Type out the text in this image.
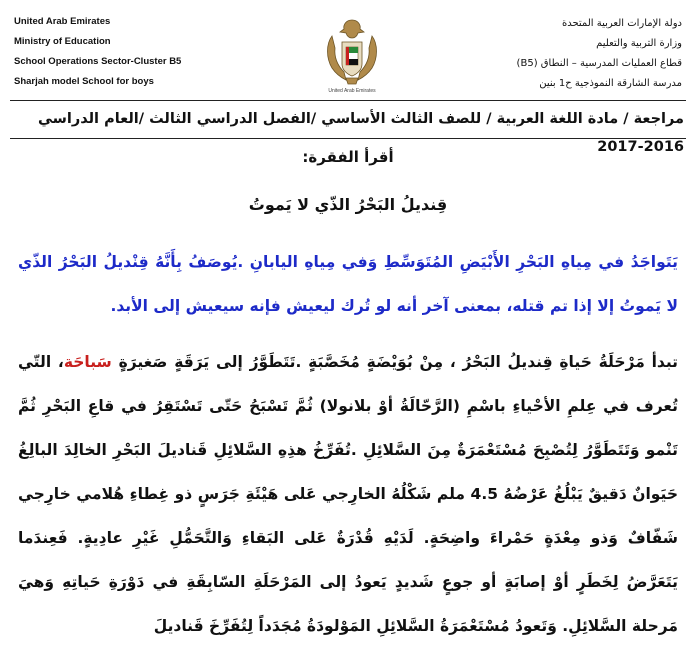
United Arab Emirates
Ministry of Education
School Operations Sector-Cluster B5
Sharjah model School for boys
United Arab Emirates
دولة الإمارات العربية المتحدة
وزارة التربية والتعليم
قطاع العمليات المدرسية – النطاق (B5)
مدرسة الشارقة النموذجية ح1 بنين
مراجعة / مادة اللغة العربية / للصف الثالث الأساسي /الفصل الدراسي الثالث /العام الدراسي 2016-2017
أقرأ الفقرة:
قِنديلُ البَحْرُ الذّي لا يَموتُ
يَتَواجَدُ في مِياهِ البَحْرِ الأَبْيَضِ المُتَوَسِّطِ وَفي مِياهِ اليابانِ .يُوصَفُ بِأَنَّهُ قِنْديلُ البَحْرُ الذّي لا يَموتُ إلا إذا تم قتله، بمعنى آخر أنه لو تُرك ليعيش فإنه سيعيش إلى الأبد.
تبدأ مَرْحَلَةُ حَياةِ قِنديلُ البَحْرُ ، مِنْ بُوَيْضَةٍ مُخَصَّبَةٍ .تَتَطَوَّرُ إلى يَرَقَةٍ صَغيرَةٍ سَباحَة، التّي تُعرف في عِلمِ الأحْياءِ باسْمِ (الرَّحّالَةُ أوْ بلانولا) ثُمَّ تَسْبَحُ حَتّى تَسْتَقِرُ في قاعِ البَحْرِ ثُمَّ تَنْمو وَتَتَطَوَّرُ لِتُصْبِحَ مُسْتَعْمَرَةٌ مِنَ السَّلائِلِ .تُفَرِّخُ هذِهِ السَّلائِلِ قَناديلَ البَحْرِ الخالِدَ البالِغُ حَيَوانٌ دَقيقٌ يَبْلُغُ عَرْضُهُ 4.5 ملم شَكْلُهُ الخارِجي عَلى هَيْئَةِ جَرَسٍ ذو غِطاءِ هُلامي خارِجي شَفّافٌ وَذو مِعْدَةٍ حَمْراءَ واضِحَةٍ. لَدَيْهِ قُدْرَةٌ عَلى البَقاءِ وَالتَّحَمُّلِ غَيْرِ عادِيةٍ. فَعِندَما يَتَعَرَّضُ لِخَطَرٍ أوْ إصابَةٍ أو جوعٍ شَديدٍ يَعودُ إلى المَرْحَلَةِ السّابِقَةِ في دَوْرَةِ حَياتِهِ وَهيَ مَرحلة السَّلائِلِ. وَتَعودُ مُسْتَعْمَرَةُ السَّلائِلِ المَوْلودَةُ مُجَدَداً لِتُفَرِّخَ قَناديلَ
